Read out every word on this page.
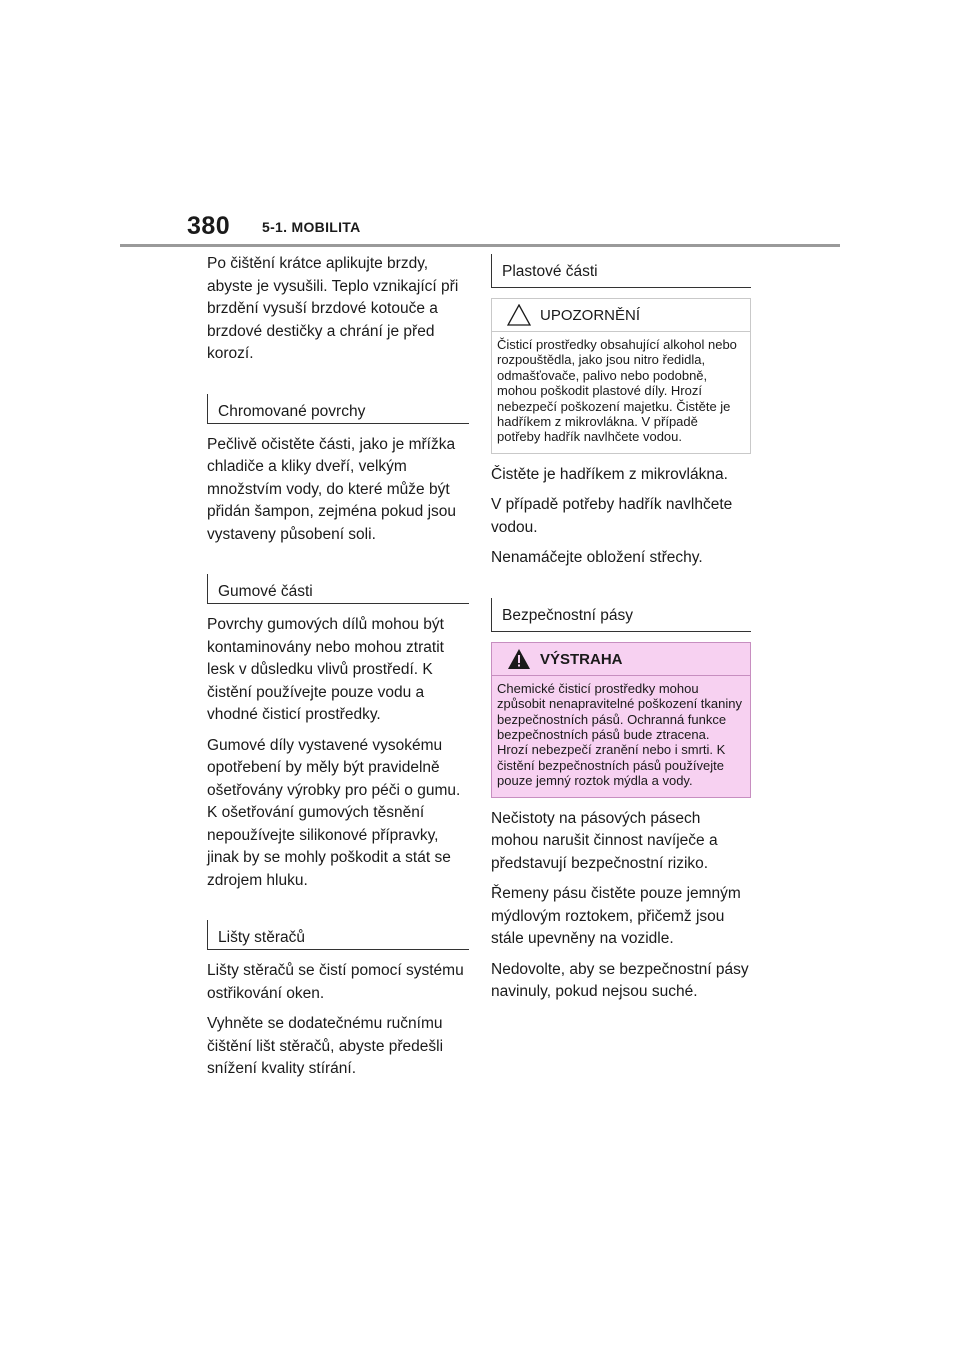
380 5-1. MOBILITA

Po čištění krátce aplikujte brzdy, abyste je vysušili. Teplo vznikající při brzdění vysuší brzdové kotouče a brzdové destičky a chrání je před korozí.

Chromované povrchy

Pečlivě očistěte části, jako je mřížka chladiče a kliky dveří, velkým množstvím vody, do které může být přidán šampon, zejména pokud jsou vystaveny působení soli.

Gumové části

Povrchy gumových dílů mohou být kontaminovány nebo mohou ztratit lesk v důsledku vlivů prostředí. K čistění používejte pouze vodu a vhodné čisticí prostředky.

Gumové díly vystavené vysokému opotřebení by měly být pravidelně ošetřovány výrobky pro péči o gumu. K ošetřování gumových těsnění nepoužívejte silikonové přípravky, jinak by se mohly poškodit a stát se zdrojem hluku.

Lišty stěračů

Lišty stěračů se čistí pomocí systému ostřikování oken.

Vyhněte se dodatečnému ručnímu čištění lišt stěračů, abyste předešli snížení kvality stírání.

Plastové části
UPOZORNĚNÍ
Čisticí prostředky obsahující alkohol nebo rozpouštědla, jako jsou nitro ředidla, odmašťovače, palivo nebo podobně, mohou poškodit plastové díly. Hrozí nebezpečí poškození majetku. Čistěte je hadříkem z mikrovlákna. V případě potřeby hadřík navlhčete vodou.

Čistěte je hadříkem z mikrovlákna.

V případě potřeby hadřík navlhčete vodou.

Nenamáčejte obložení střechy.

Bezpečnostní pásy
VÝSTRAHA
Chemické čisticí prostředky mohou způsobit nenapravitelné poškození tkaniny bezpečnostních pásů. Ochranná funkce bezpečnostních pásů bude ztracena. Hrozí nebezpečí zranění nebo i smrti. K čistění bezpečnostních pásů používejte pouze jemný roztok mýdla a vody.

Nečistoty na pásových pásech mohou narušit činnost navíječe a představují bezpečnostní riziko.

Řemeny pásu čistěte pouze jemným mýdlovým roztokem, přičemž jsou stále upevněny na vozidle.

Nedovolte, aby se bezpečnostní pásy navinuly, pokud nejsou suché.
